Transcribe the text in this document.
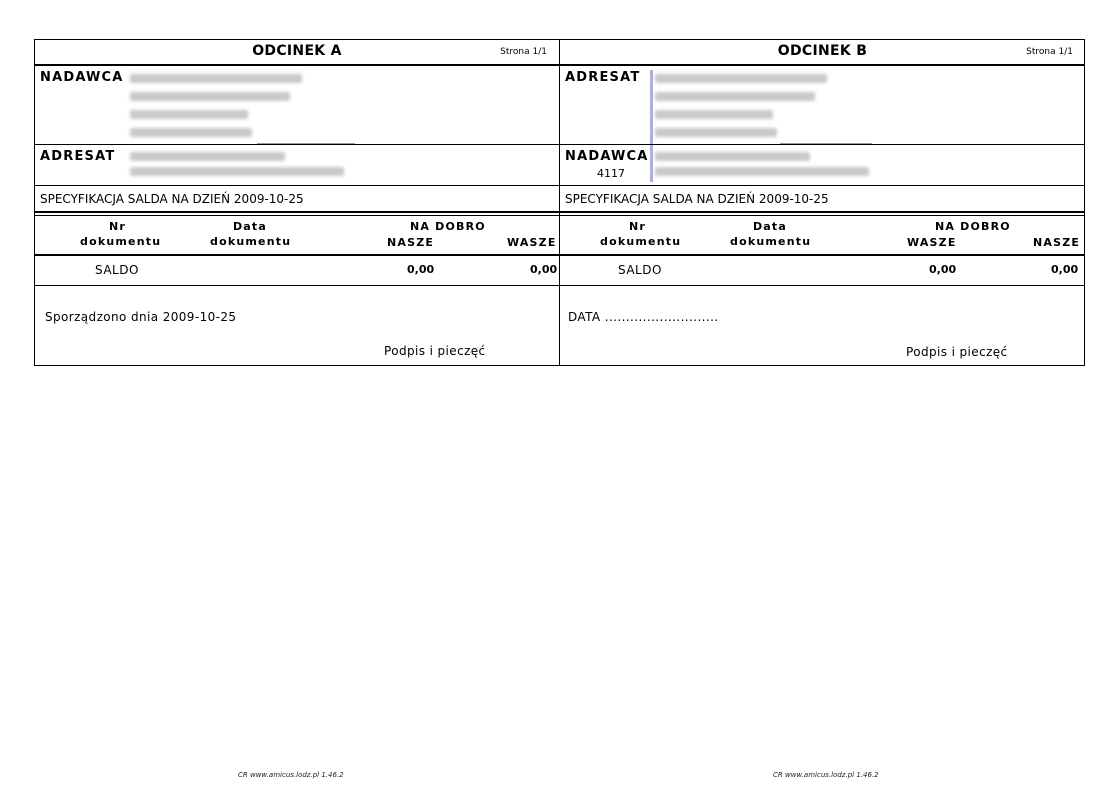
ODCINEK A	Strona 1/1
NADAWCA
ADRESAT
SPECYFIKACJA SALDA NA DZIEŃ 2009-10-25
Nr
dokumentu
Data
dokumentu
NA DOBRO
NASZE	WASZE
SALDO	0,00	0,00
Sporządzono dnia 2009-10-25
Podpis i pieczęć
ODCINEK B	Strona 1/1
ADRESAT
NADAWCA
4117
SPECYFIKACJA SALDA NA DZIEŃ 2009-10-25
Nr
dokumentu
Data
dokumentu
NA DOBRO
WASZE	NASZE
SALDO	0,00	0,00
DATA ...........................
Podpis i pieczęć
CR www.amicus.lodz.pl 1.46.2	CR www.amicus.lodz.pl 1.46.2
